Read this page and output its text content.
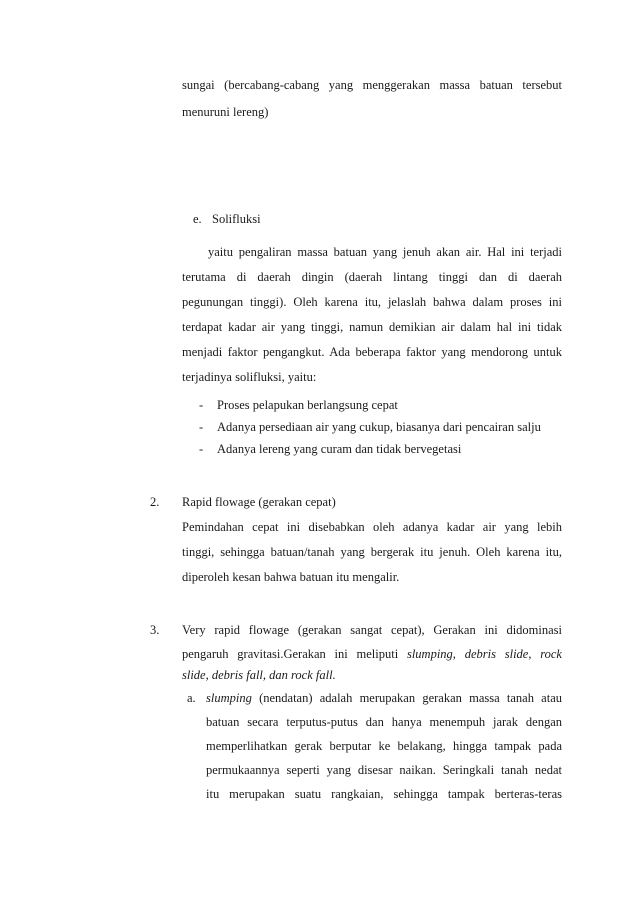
sungai (bercabang-cabang yang menggerakan massa batuan tersebut
menuruni lereng)
e. Solifluksi
yaitu pengaliran massa batuan yang jenuh akan air. Hal ini terjadi
terutama di daerah dingin (daerah lintang tinggi dan di daerah
pegunungan tinggi). Oleh karena itu, jelaslah bahwa dalam proses ini
terdapat kadar air yang tinggi, namun demikian air dalam hal ini tidak
menjadi faktor pengangkut. Ada beberapa faktor yang mendorong untuk
terjadinya solifluksi, yaitu:
- Proses pelapukan berlangsung cepat
- Adanya persediaan air yang cukup, biasanya dari pencairan salju
- Adanya lereng yang curam dan tidak bervegetasi
2. Rapid flowage (gerakan cepat)
Pemindahan cepat ini disebabkan oleh adanya kadar air yang lebih
tinggi, sehingga batuan/tanah yang bergerak itu jenuh. Oleh karena itu,
diperoleh kesan bahwa batuan itu mengalir.
3. Very rapid flowage (gerakan sangat cepat), Gerakan ini didominasi
pengaruh gravitasi.Gerakan ini meliputi slumping, debris slide, rock
slide, debris fall, dan rock fall.
a. slumping (nendatan) adalah merupakan gerakan massa tanah atau
batuan secara terputus-putus dan hanya menempuh jarak dengan
memperlihatkan gerak berputar ke belakang, hingga tampak pada
permukaannya seperti yang disesar naikan. Seringkali tanah nedat
itu merupakan suatu rangkaian, sehingga tampak berteras-teras
